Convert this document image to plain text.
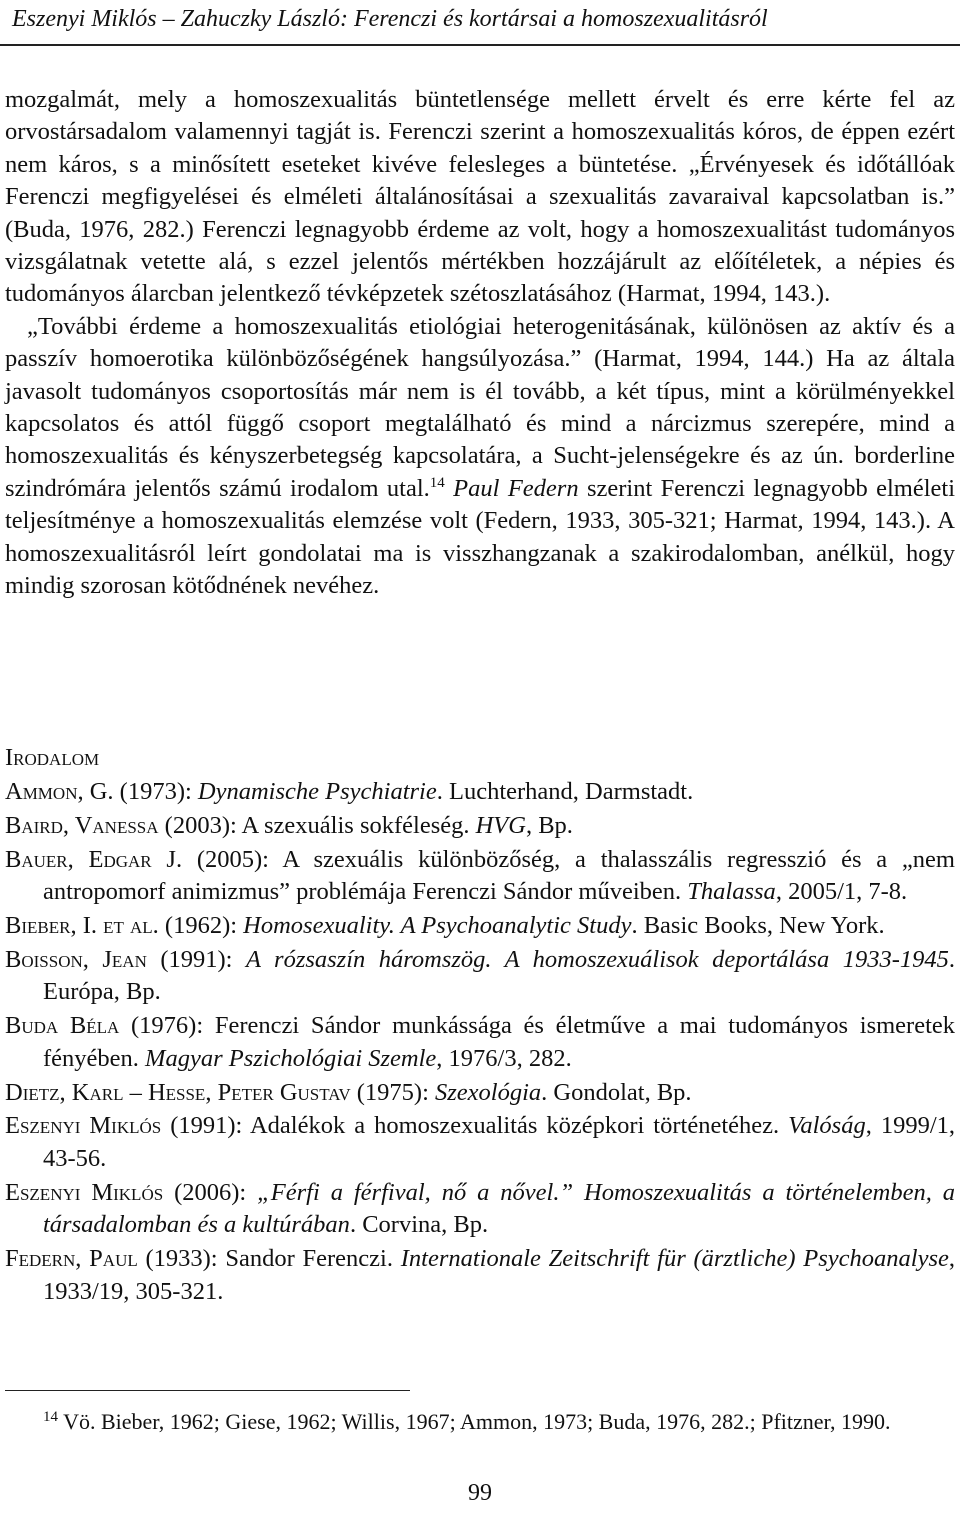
Eszenyi Miklós – Zahuczky László: Ferenczi és kortársai a homoszexualitásról

mozgalmát, mely a homoszexualitás büntetlensége mellett érvelt és erre kérte fel az orvostársadalom valamennyi tagját is. Ferenczi szerint a homoszexualitás kóros, de éppen ezért nem káros, s a minősített eseteket kivéve felesleges a büntetése. „Érvényesek és időtállóak Ferenczi megfigyelései és elméleti általánosításai a szexualitás zavaraival kapcsolatban is.” (Buda, 1976, 282.) Ferenczi legnagyobb érdeme az volt, hogy a homoszexualitást tudományos vizsgálatnak vetette alá, s ezzel jelentős mértékben hozzájárult az előítéletek, a népies és tudományos álarcban jelentkező tévképzetek szétoszlatásához (Harmat, 1994, 143.).

„További érdeme a homoszexualitás etiológiai heterogenitásának, különösen az aktív és a passzív homoerotika különbözőségének hangsúlyozása.” (Harmat, 1994, 144.) Ha az általa javasolt tudományos csoportosítás már nem is él tovább, a két típus, mint a körülményekkel kapcsolatos és attól függő csoport megtalálható és mind a nárcizmus szerepére, mind a homoszexualitás és kényszerbetegség kapcsolatára, a Sucht-jelenségekre és az ún. borderline szindrómára jelentős számú irodalom utal.$^{14}$ Paul Federn szerint Ferenczi legnagyobb elméleti teljesítménye a homoszexualitás elemzése volt (Federn, 1933, 305-321; Harmat, 1994, 143.). A homoszexualitásról leírt gondolatai ma is visszhangzanak a szakirodalomban, anélkül, hogy mindig szorosan kötődnének nevéhez.

Irodalom
Ammon, G. (1973): Dynamische Psychiatrie. Luchterhand, Darmstadt.
Baird, Vanessa (2003): A szexuális sokféleség. HVG, Bp.
Bauer, Edgar J. (2005): A szexuális különbözőség, a thalasszális regresszió és a „nem antropomorf animizmus” problémája Ferenczi Sándor műveiben. Thalassa, 2005/1, 7-8.
Bieber, I. et al. (1962): Homosexuality. A Psychoanalytic Study. Basic Books, New York.
Boisson, Jean (1991): A rózsaszín háromszög. A homoszexuálisok deportálása 1933-1945. Európa, Bp.
Buda Béla (1976): Ferenczi Sándor munkássága és életműve a mai tudományos ismeretek fényében. Magyar Pszichológiai Szemle, 1976/3, 282.
Dietz, Karl – Hesse, Peter Gustav (1975): Szexológia. Gondolat, Bp.
Eszenyi Miklós (1991): Adalékok a homoszexualitás középkori történetéhez. Valóság, 1999/1, 43-56.
Eszenyi Miklós (2006): „Férfi a férfival, nő a nővel.” Homoszexualitás a történelemben, a társadalomban és a kultúrában. Corvina, Bp.
Federn, Paul (1933): Sandor Ferenczi. Internationale Zeitschrift für (ärztliche) Psychoanalyse, 1933/19, 305-321.
$^{14}$ Vö. Bieber, 1962; Giese, 1962; Willis, 1967; Ammon, 1973; Buda, 1976, 282.; Pfitzner, 1990.
99
